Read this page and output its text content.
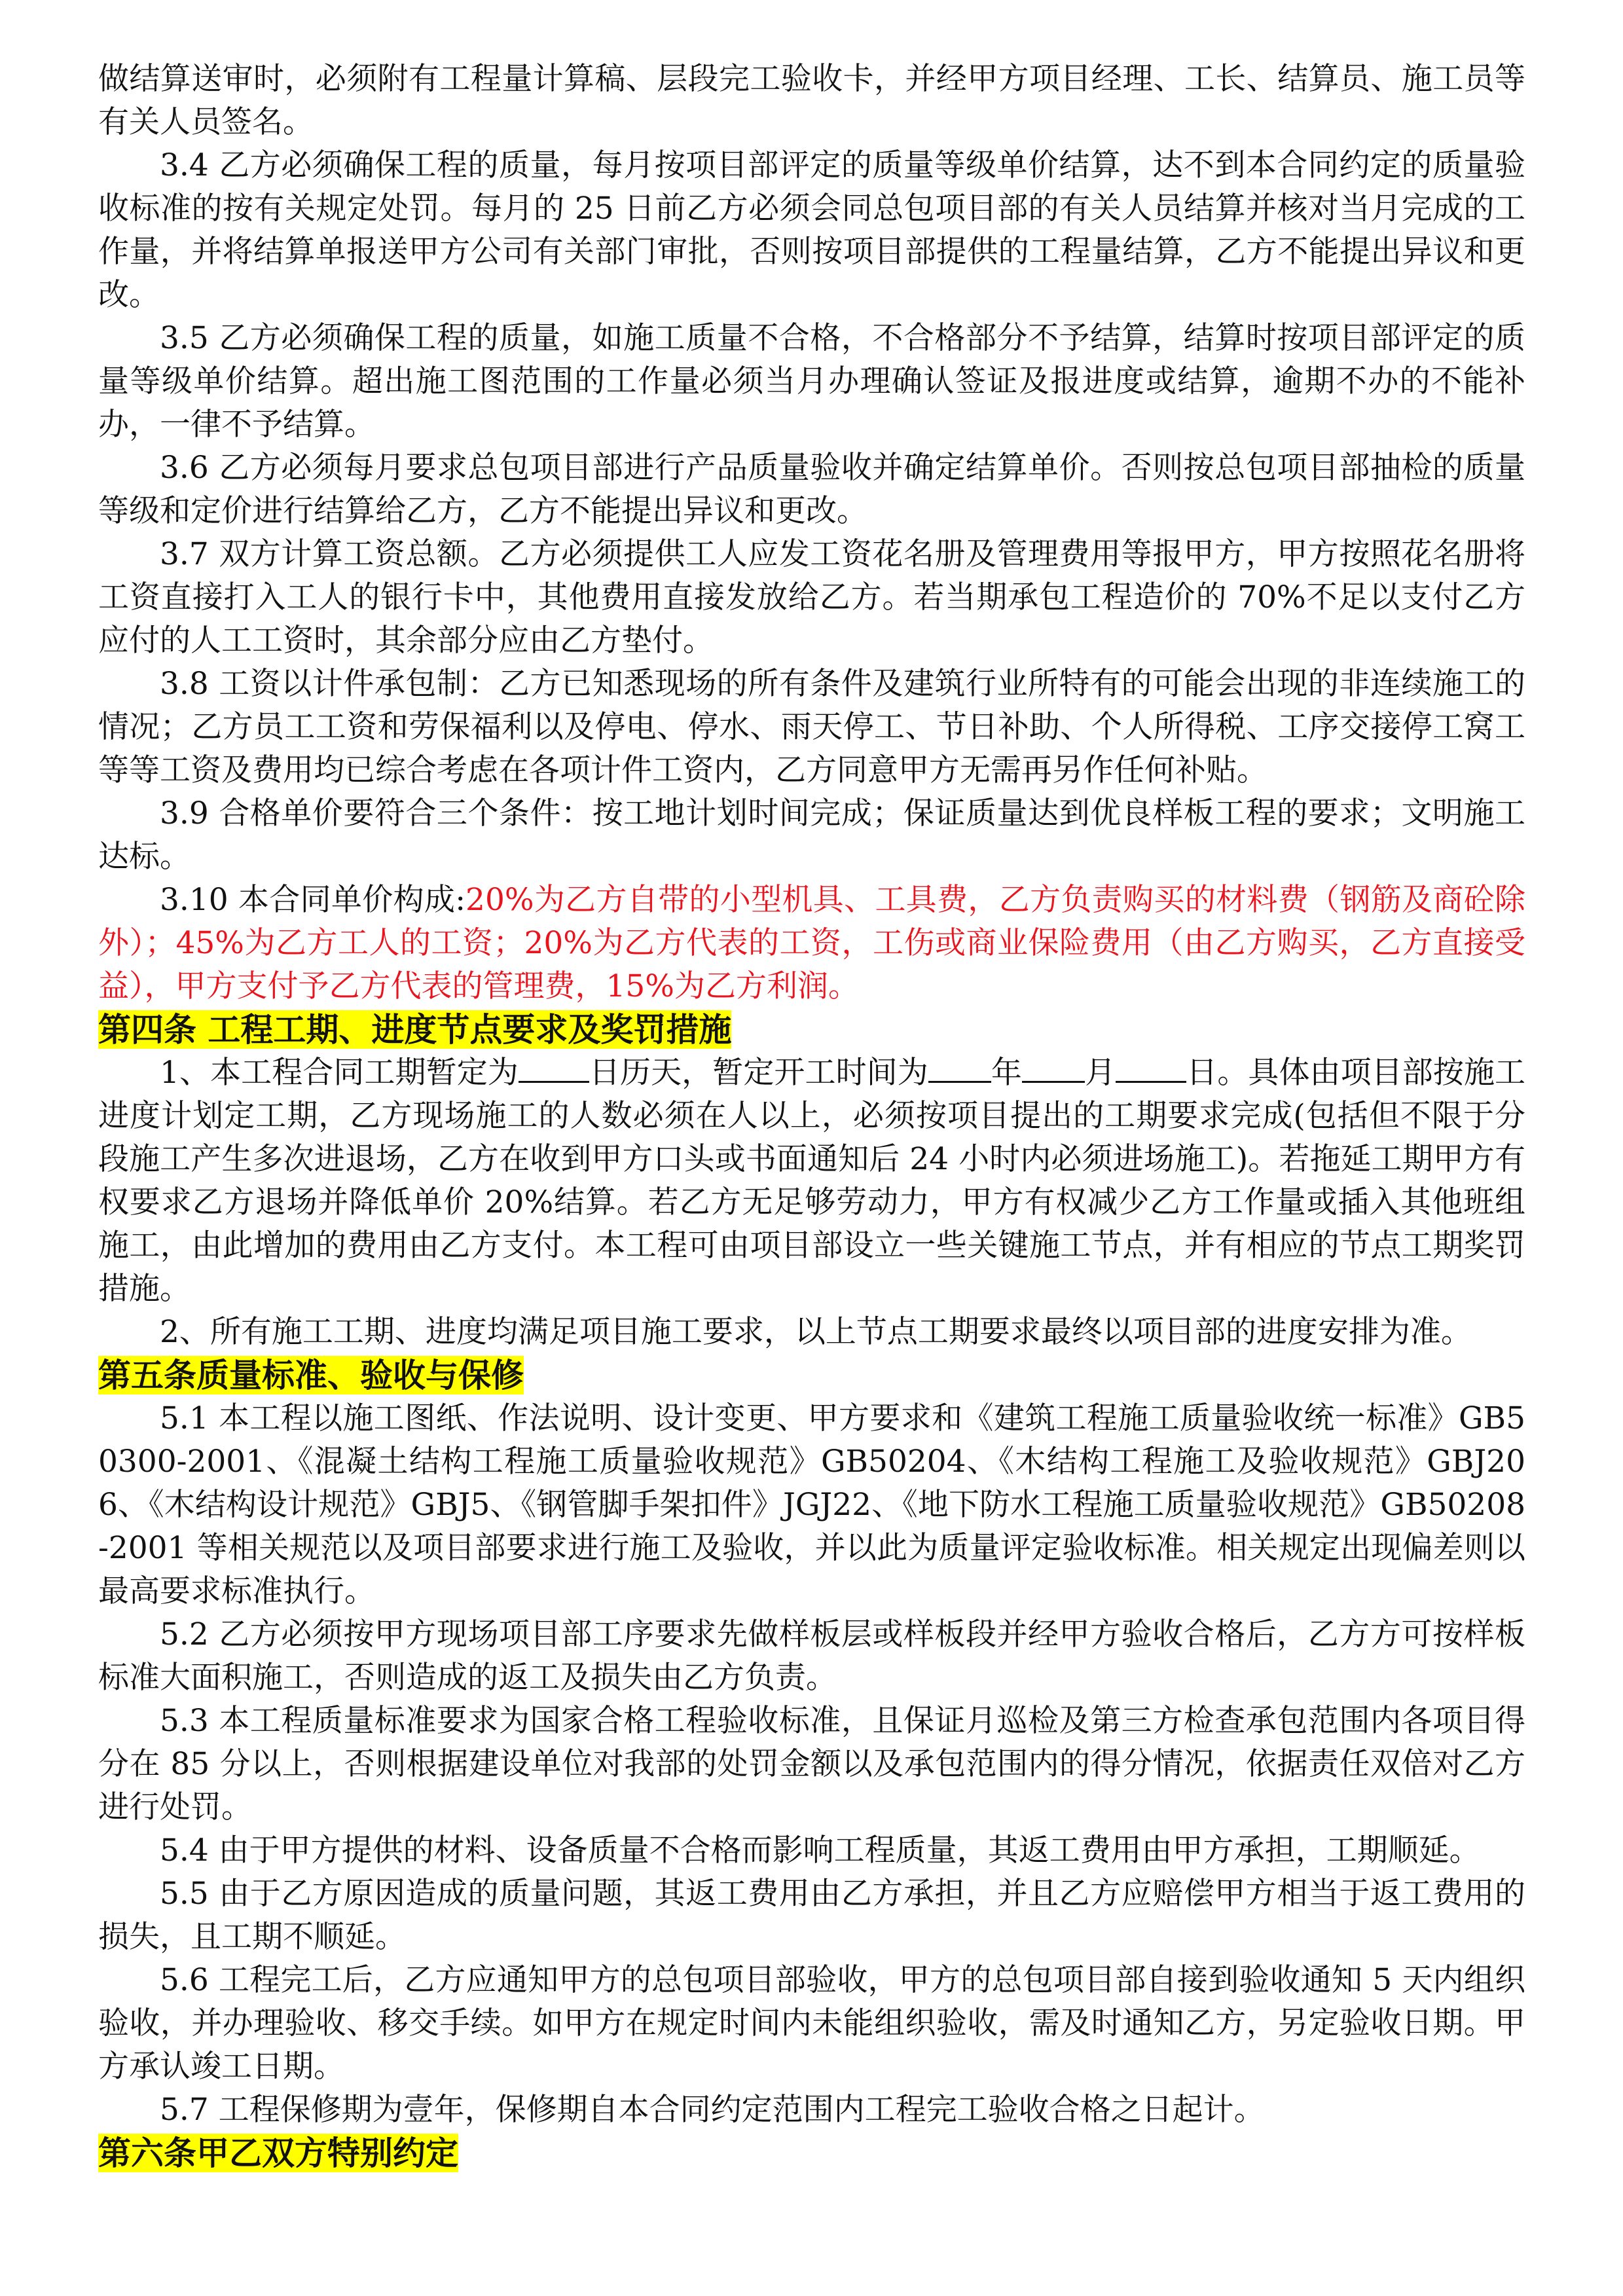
做结算送审时，必须附有工程量计算稿、层段完工验收卡，并经甲方项目经理、工长、结算员、施工员等有关人员签名。

3.4 乙方必须确保工程的质量，每月按项目部评定的质量等级单价结算，达不到本合同约定的质量验收标准的按有关规定处罚。每月的 25 日前乙方必须会同总包项目部的有关人员结算并核对当月完成的工作量，并将结算单报送甲方公司有关部门审批，否则按项目部提供的工程量结算，乙方不能提出异议和更改。

3.5 乙方必须确保工程的质量，如施工质量不合格，不合格部分不予结算，结算时按项目部评定的质量等级单价结算。超出施工图范围的工作量必须当月办理确认签证及报进度或结算，逾期不办的不能补办，一律不予结算。

3.6 乙方必须每月要求总包项目部进行产品质量验收并确定结算单价。否则按总包项目部抽检的质量等级和定价进行结算给乙方，乙方不能提出异议和更改。

3.7 双方计算工资总额。乙方必须提供工人应发工资花名册及管理费用等报甲方，甲方按照花名册将工资直接打入工人的银行卡中，其他费用直接发放给乙方。若当期承包工程造价的 70%不足以支付乙方应付的人工工资时，其余部分应由乙方垫付。

3.8 工资以计件承包制：乙方已知悉现场的所有条件及建筑行业所特有的可能会出现的非连续施工的情况；乙方员工工资和劳保福利以及停电、停水、雨天停工、节日补助、个人所得税、工序交接停工窝工等等工资及费用均已综合考虑在各项计件工资内，乙方同意甲方无需再另作任何补贴。

3.9 合格单价要符合三个条件：按工地计划时间完成；保证质量达到优良样板工程的要求；文明施工达标。

3.10 本合同单价构成:20%为乙方自带的小型机具、工具费，乙方负责购买的材料费（钢筋及商砼除外）；45%为乙方工人的工资；20%为乙方代表的工资，工伤或商业保险费用（由乙方购买，乙方直接受益），甲方支付予乙方代表的管理费，15%为乙方利润。

第四条 工程工期、进度节点要求及奖罚措施

1、本工程合同工期暂定为 日历天，暂定开工时间为 年 月 日。具体由项目部按施工进度计划定工期，乙方现场施工的人数必须在人以上，必须按项目提出的工期要求完成(包括但不限于分段施工产生多次进退场，乙方在收到甲方口头或书面通知后 24 小时内必须进场施工)。若拖延工期甲方有权要求乙方退场并降低单价 20%结算。若乙方无足够劳动力，甲方有权减少乙方工作量或插入其他班组施工，由此增加的费用由乙方支付。本工程可由项目部设立一些关键施工节点，并有相应的节点工期奖罚措施。

2、所有施工工期、进度均满足项目施工要求，以上节点工期要求最终以项目部的进度安排为准。

第五条质量标准、验收与保修

5.1 本工程以施工图纸、作法说明、设计变更、甲方要求和《建筑工程施工质量验收统一标准》GB50300-2001、《混凝土结构工程施工质量验收规范》GB50204、《木结构工程施工及验收规范》GBJ206、《木结构设计规范》GBJ5、《钢管脚手架扣件》JGJ22、《地下防水工程施工质量验收规范》GB50208-2001 等相关规范以及项目部要求进行施工及验收，并以此为质量评定验收标准。相关规定出现偏差则以最高要求标准执行。

5.2 乙方必须按甲方现场项目部工序要求先做样板层或样板段并经甲方验收合格后，乙方方可按样板标准大面积施工，否则造成的返工及损失由乙方负责。

5.3 本工程质量标准要求为国家合格工程验收标准，且保证月巡检及第三方检查承包范围内各项目得分在 85 分以上，否则根据建设单位对我部的处罚金额以及承包范围内的得分情况，依据责任双倍对乙方进行处罚。

5.4 由于甲方提供的材料、设备质量不合格而影响工程质量，其返工费用由甲方承担，工期顺延。

5.5 由于乙方原因造成的质量问题，其返工费用由乙方承担，并且乙方应赔偿甲方相当于返工费用的损失，且工期不顺延。

5.6 工程完工后，乙方应通知甲方的总包项目部验收，甲方的总包项目部自接到验收通知 5 天内组织验收，并办理验收、移交手续。如甲方在规定时间内未能组织验收，需及时通知乙方，另定验收日期。甲方承认竣工日期。

5.7 工程保修期为壹年，保修期自本合同约定范围内工程完工验收合格之日起计。

第六条甲乙双方特别约定
